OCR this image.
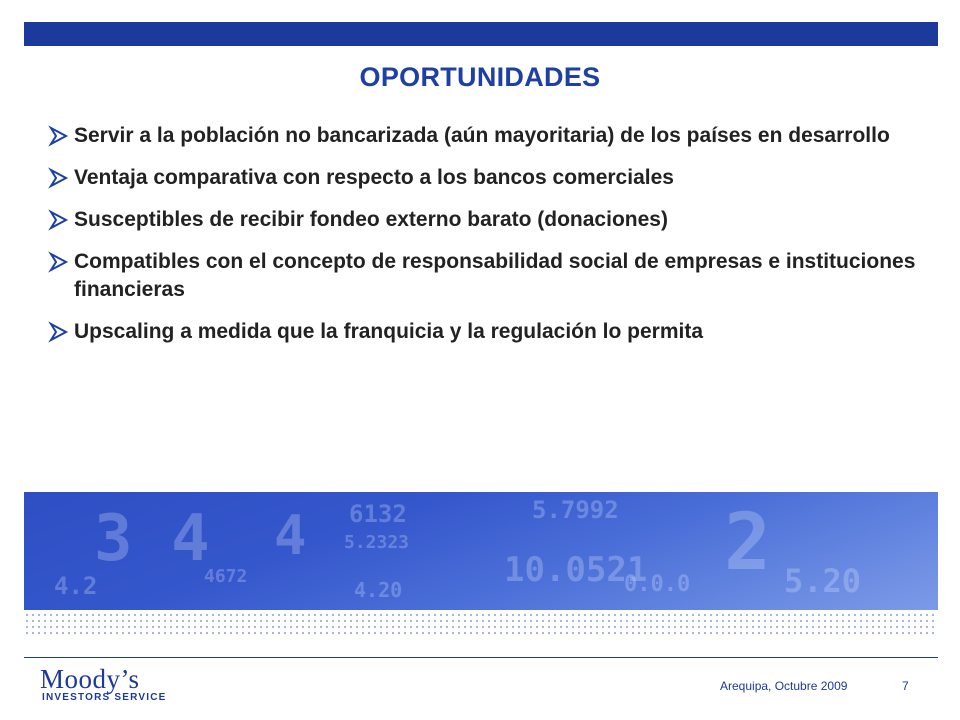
OPORTUNIDADES
Servir a la población no bancarizada (aún mayoritaria) de los países en desarrollo
Ventaja comparativa con respecto a los bancos comerciales
Susceptibles de recibir fondeo externo barato (donaciones)
Compatibles con el concepto de responsabilidad social de empresas e instituciones financieras
Upscaling a medida que la franquicia y la regulación lo permita
3 4 4 6132
5.2323
5.7992
4672
4.20	10.0521 2 5.20
0.0.0
4.2
Moody’s
INVESTORS SERVICE
Arequipa, Octubre 2009	7
